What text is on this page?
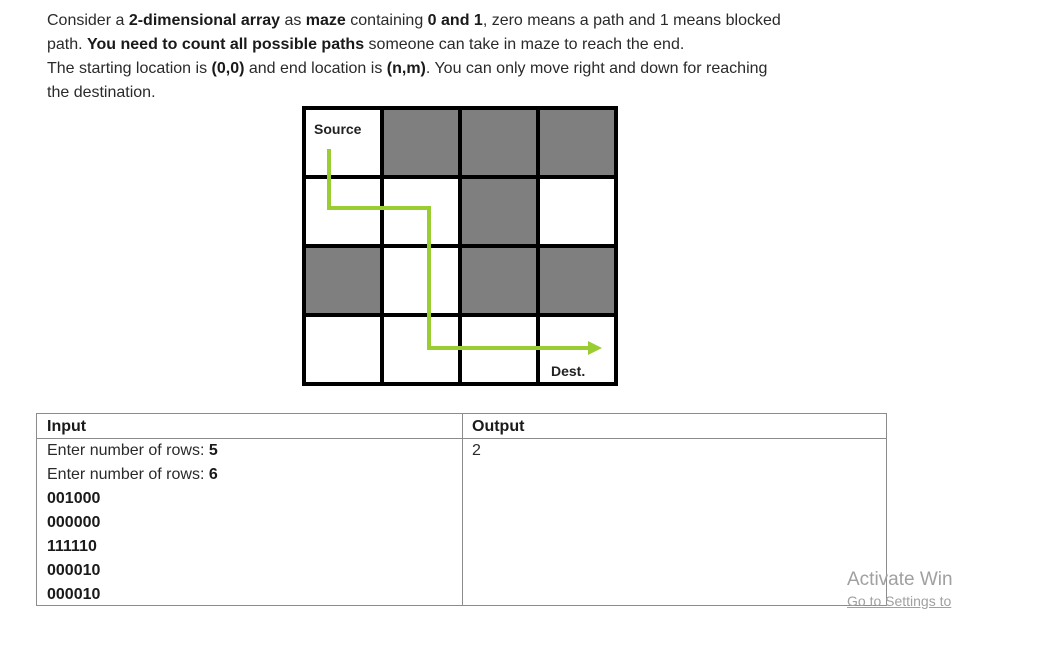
Consider a 2-dimensional array as maze containing 0 and 1, zero means a path and 1 means blocked
path. You need to count all possible paths someone can take in maze to reach the end.
The starting location is (0,0) and end location is (n,m). You can only move right and down for reaching
the destination.
Source
Dest.
Input
Enter number of rows: 5
Enter number of rows: 6
001000
000000
111110
000010
000010
Output
2
Activate Win
Go to Settings to
